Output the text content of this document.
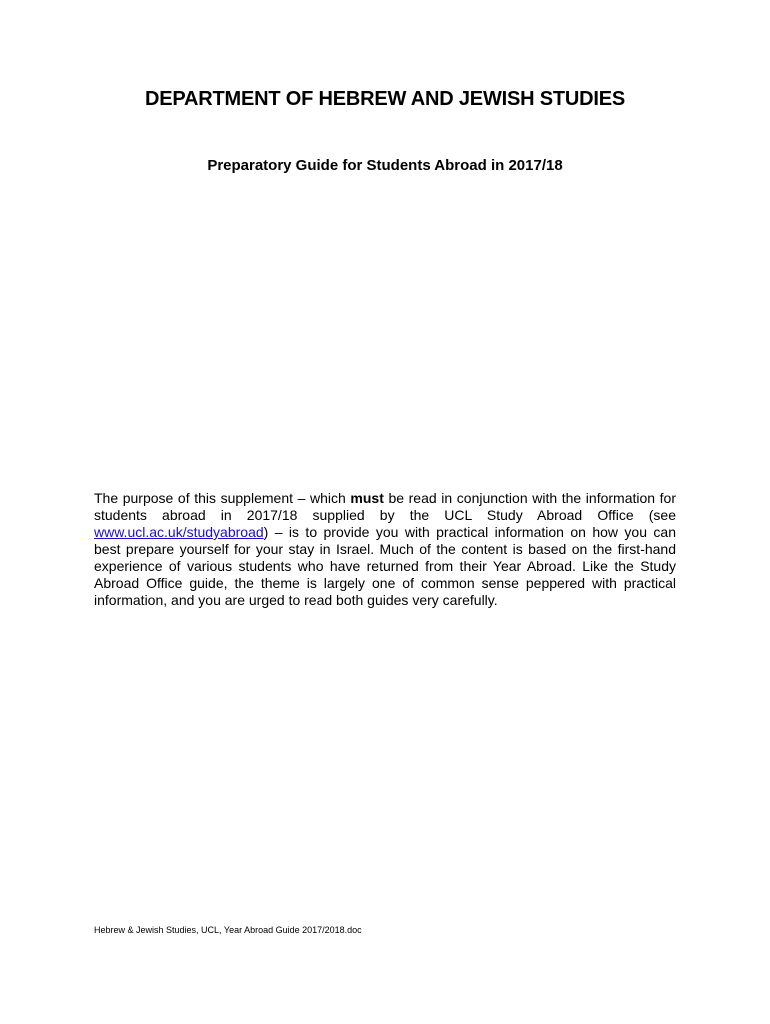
DEPARTMENT OF HEBREW AND JEWISH STUDIES
Preparatory Guide for Students Abroad in 2017/18

The purpose of this supplement – which must be read in conjunction with the information for students abroad in 2017/18 supplied by the UCL Study Abroad Office (see www.ucl.ac.uk/studyabroad) – is to provide you with practical information on how you can best prepare yourself for your stay in Israel. Much of the content is based on the first-hand experience of various students who have returned from their Year Abroad. Like the Study Abroad Office guide, the theme is largely one of common sense peppered with practical information, and you are urged to read both guides very carefully.

Hebrew & Jewish Studies, UCL, Year Abroad Guide 2017/2018.doc
